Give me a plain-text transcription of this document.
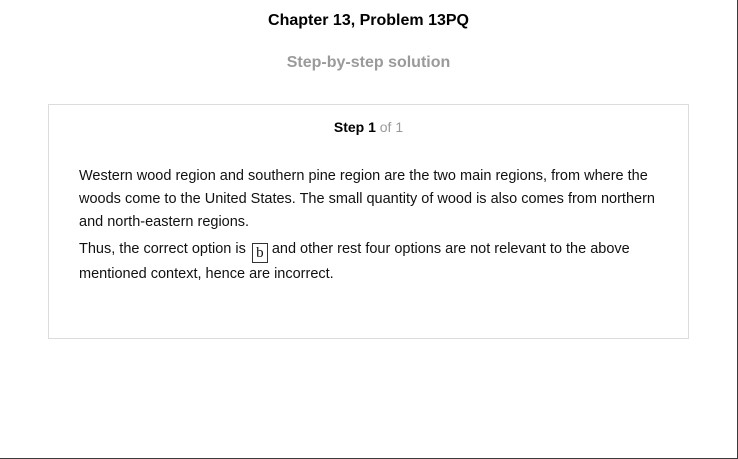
Chapter 13, Problem 13PQ
Step-by-step solution
Step 1 of 1

Western wood region and southern pine region are the two main regions, from where the woods come to the United States. The small quantity of wood is also comes from northern and north-eastern regions.

Thus, the correct option is b and other rest four options are not relevant to the above mentioned context, hence are incorrect.
